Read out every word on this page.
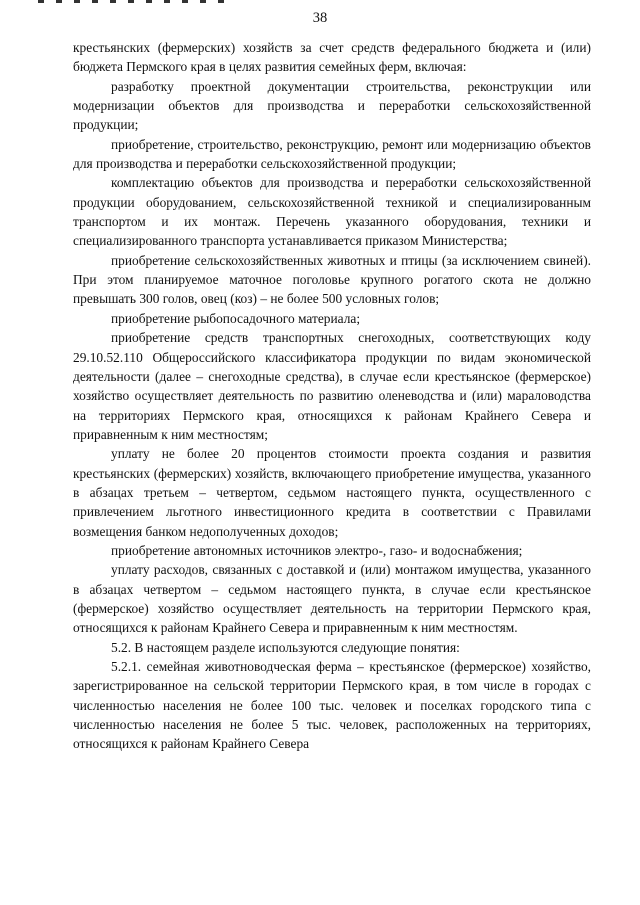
38

крестьянских (фермерских) хозяйств за счет средств федерального бюджета и (или) бюджета Пермского края в целях развития семейных ферм, включая:

разработку проектной документации строительства, реконструкции или модернизации объектов для производства и переработки сельскохозяйственной продукции;

приобретение, строительство, реконструкцию, ремонт или модернизацию объектов для производства и переработки сельскохозяйственной продукции;

комплектацию объектов для производства и переработки сельскохозяйственной продукции оборудованием, сельскохозяйственной техникой и специализированным транспортом и их монтаж. Перечень указанного оборудования, техники и специализированного транспорта устанавливается приказом Министерства;

приобретение сельскохозяйственных животных и птицы (за исключением свиней). При этом планируемое маточное поголовье крупного рогатого скота не должно превышать 300 голов, овец (коз) – не более 500 условных голов;

приобретение рыбопосадочного материала;

приобретение средств транспортных снегоходных, соответствующих коду 29.10.52.110 Общероссийского классификатора продукции по видам экономической деятельности (далее – снегоходные средства), в случае если крестьянское (фермерское) хозяйство осуществляет деятельность по развитию оленеводства и (или) мараловодства на территориях Пермского края, относящихся к районам Крайнего Севера и приравненным к ним местностям;

уплату не более 20 процентов стоимости проекта создания и развития крестьянских (фермерских) хозяйств, включающего приобретение имущества, указанного в абзацах третьем – четвертом, седьмом настоящего пункта, осуществленного с привлечением льготного инвестиционного кредита в соответствии с Правилами возмещения банком недополученных доходов;

приобретение автономных источников электро-, газо- и водоснабжения;

уплату расходов, связанных с доставкой и (или) монтажом имущества, указанного в абзацах четвертом – седьмом настоящего пункта, в случае если крестьянское (фермерское) хозяйство осуществляет деятельность на территории Пермского края, относящихся к районам Крайнего Севера и приравненным к ним местностям.

5.2. В настоящем разделе используются следующие понятия:

5.2.1. семейная животноводческая ферма – крестьянское (фермерское) хозяйство, зарегистрированное на сельской территории Пермского края, в том числе в городах с численностью населения не более 100 тыс. человек и поселках городского типа с численностью населения не более 5 тыс. человек, расположенных на территориях, относящихся к районам Крайнего Севера
